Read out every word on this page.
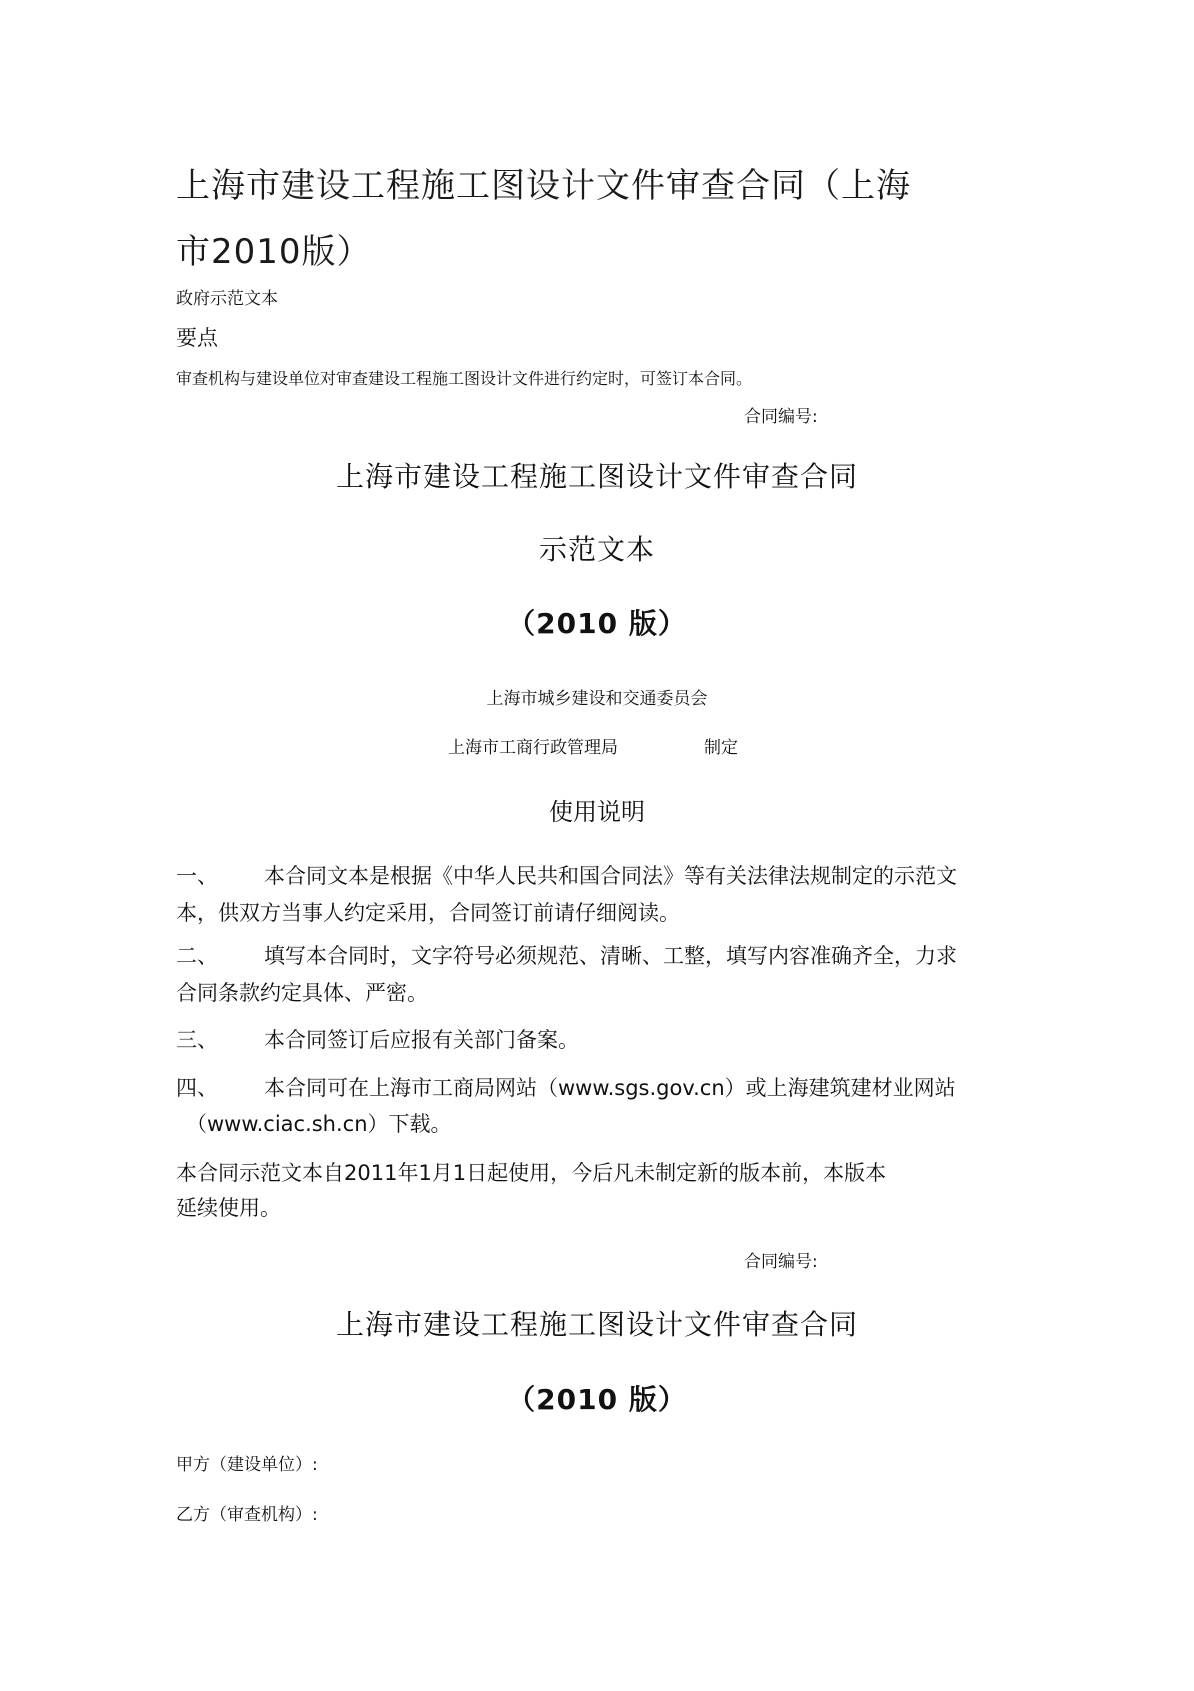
上海市建设工程施工图设计文件审查合同（上海
市2010版）
政府示范文本
要点
审查机构与建设单位对审查建设工程施工图设计文件进行约定时，可签订本合同。
合同编号:
上海市建设工程施工图设计文件审查合同
示范文本
（2010 版）
上海市城乡建设和交通委员会
上海市工商行政管理局	制定
使用说明
一、 本合同文本是根据《中华人民共和国合同法》等有关法律法规制定的示范文
本，供双方当事人约定采用，合同签订前请仔细阅读。
二、 填写本合同时，文字符号必须规范、清晰、工整，填写内容准确齐全，力求
合同条款约定具体、严密。
三、 本合同签订后应报有关部门备案。
四、 本合同可在上海市工商局网站（www.sgs.gov.cn）或上海建筑建材业网站
（www.ciac.sh.cn）下载。
本合同示范文本自2011年1月1日起使用，今后凡未制定新的版本前，本版本
延续使用。
合同编号:
上海市建设工程施工图设计文件审查合同
（2010 版）
甲方（建设单位）:
乙方（审查机构）:
